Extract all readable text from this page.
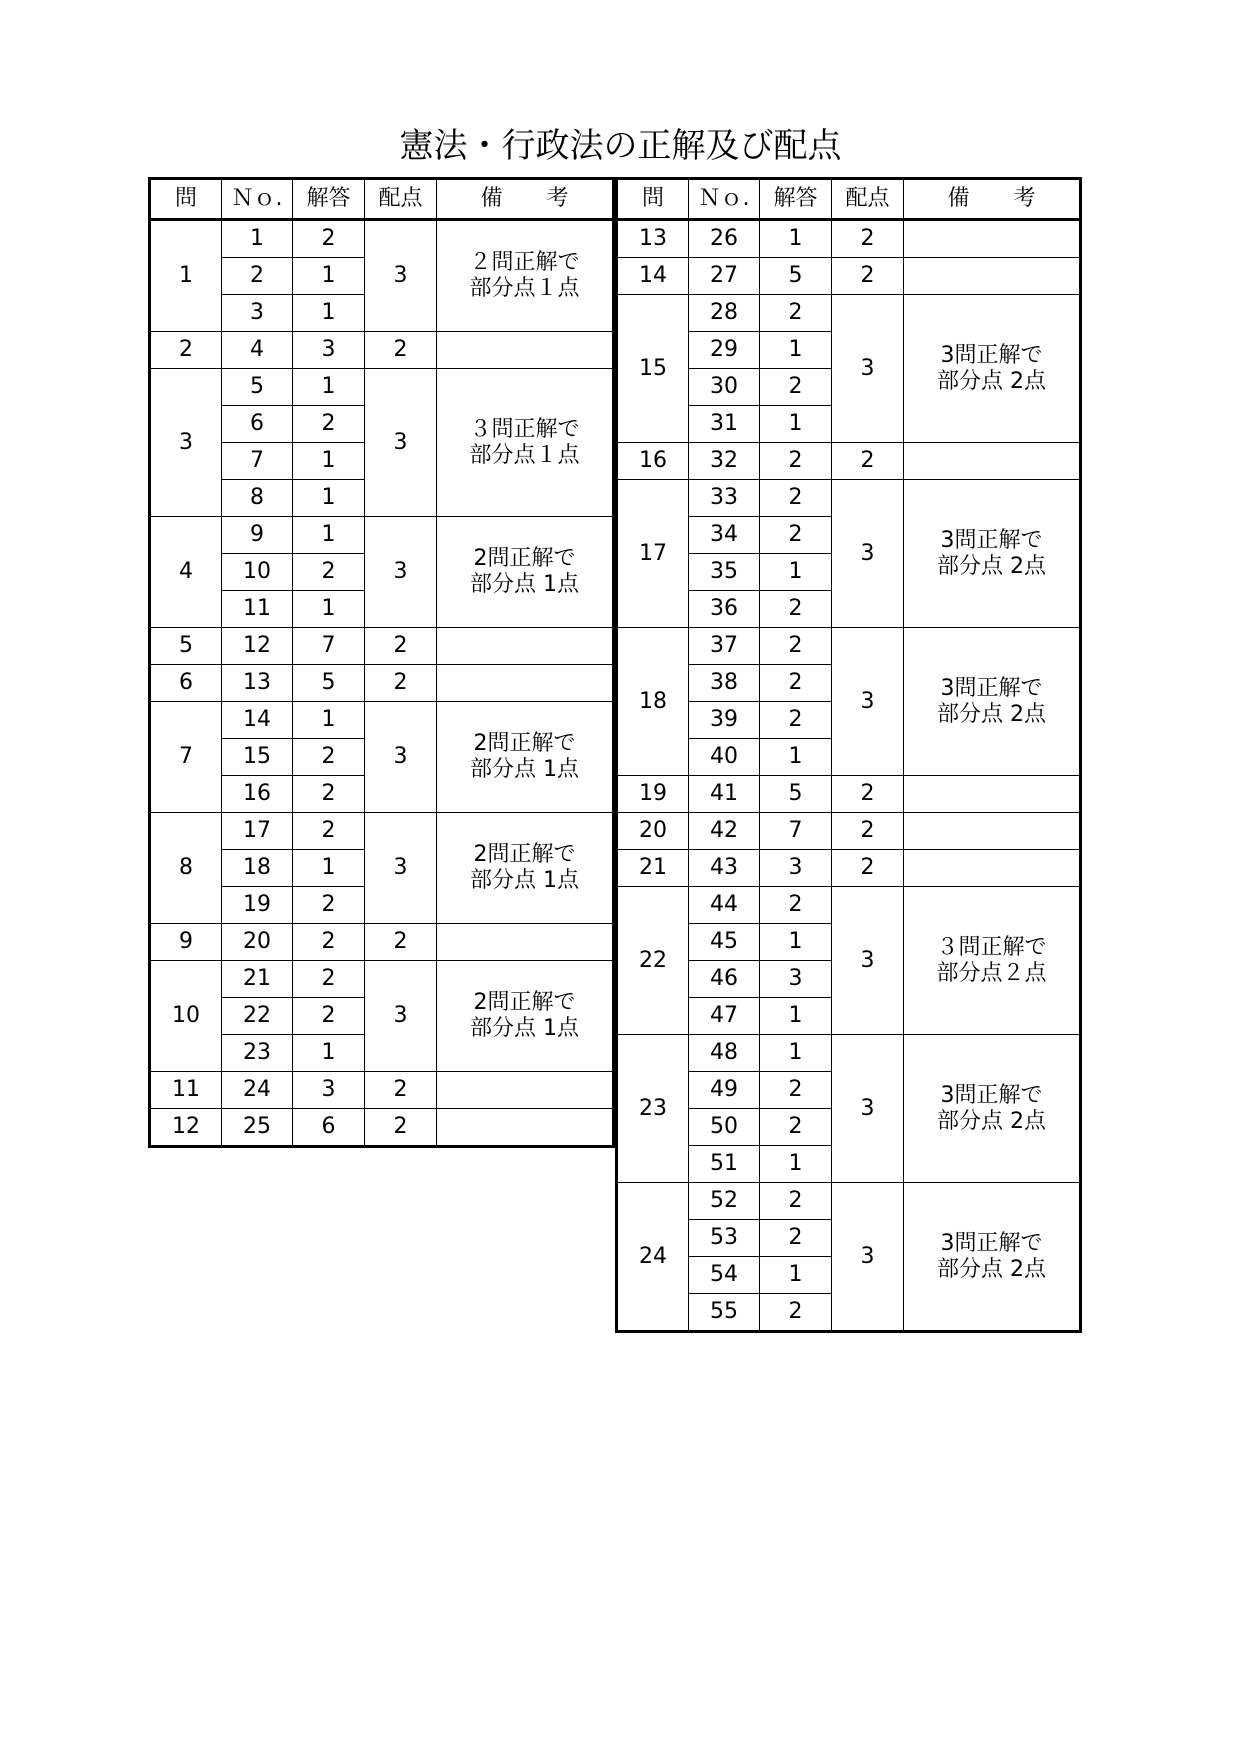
憲法・行政法の正解及び配点
問	Ｎｏ.	解答	配点	備　　考
1	1	2	3	２問正解で
部分点１点

	2	1		
	3	1		
2	4	3	2	
3	5	1	3	３問正解で
部分点１点

	6	2		
	7	1		
	8	1		
4	9	1	3	2問正解で
部分点 1点

	10	2		
	11	1		
5	12	7	2	
6	13	5	2	
7	14	1	3	2問正解で
部分点 1点

	15	2		
	16	2		
8	17	2	3	2問正解で
部分点 1点

	18	1		
	19	2		
9	20	2	2	
10	21	2	3	2問正解で
部分点 1点

	22	2		
	23	1		
11	24	3	2	
12	25	6	2	
問	Ｎｏ.	解答	配点	備　　考
13	26	1	2	
14	27	5	2	
15	28	2	3	3問正解で
部分点 2点

	29	1		
	30	2		
	31	1		
16	32	2	2	
17	33	2	3	3問正解で
部分点 2点

	34	2		
	35	1		
	36	2		
18	37	2	3	3問正解で
部分点 2点

	38	2		
	39	2		
	40	1		
19	41	5	2	
20	42	7	2	
21	43	3	2	
22	44	2	3	３問正解で
部分点２点

	45	1		
	46	3		
	47	1		
23	48	1	3	3問正解で
部分点 2点

	49	2		
	50	2		
	51	1		
24	52	2	3	3問正解で
部分点 2点

	53	2		
	54	1		
	55	2		
